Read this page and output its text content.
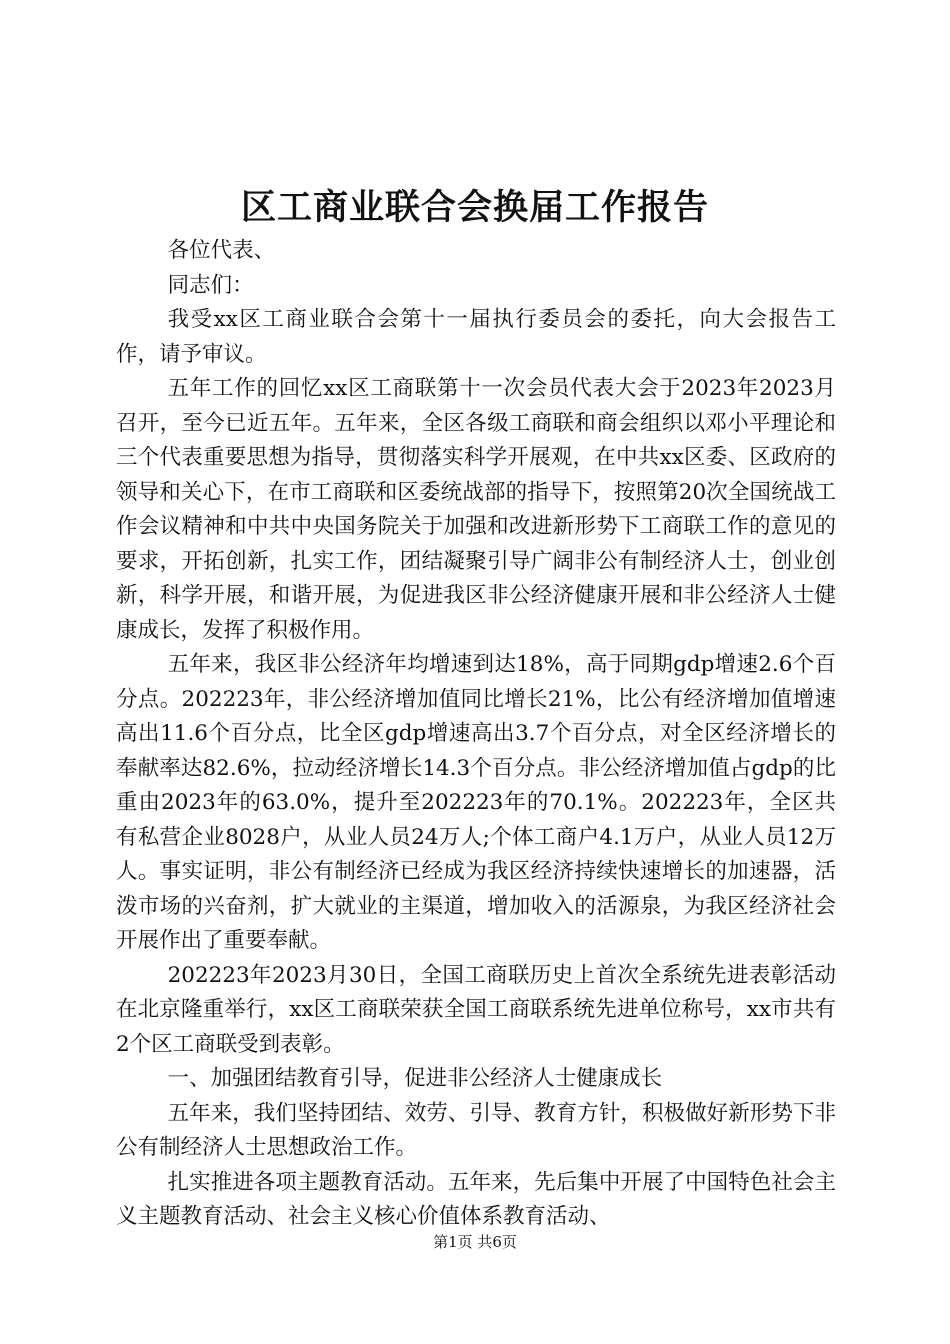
区工商业联合会换届工作报告

各位代表、

同志们：

我受xx区工商业联合会第十一届执行委员会的委托，向大会报告工作，请予审议。

五年工作的回忆xx区工商联第十一次会员代表大会于2023年2023月召开，至今已近五年。五年来，全区各级工商联和商会组织以邓小平理论和三个代表重要思想为指导，贯彻落实科学开展观，在中共xx区委、区政府的领导和关心下，在市工商联和区委统战部的指导下，按照第20次全国统战工作会议精神和中共中央国务院关于加强和改进新形势下工商联工作的意见的要求，开拓创新，扎实工作，团结凝聚引导广阔非公有制经济人士，创业创新，科学开展，和谐开展，为促进我区非公经济健康开展和非公经济人士健康成长，发挥了积极作用。

五年来，我区非公经济年均增速到达18%，高于同期gdp增速2.6个百分点。202223年，非公经济增加值同比增长21%，比公有经济增加值增速高出11.6个百分点，比全区gdp增速高出3.7个百分点，对全区经济增长的奉献率达82.6%，拉动经济增长14.3个百分点。非公经济增加值占gdp的比重由2023年的63.0%，提升至202223年的70.1%。202223年，全区共有私营企业8028户，从业人员24万人;个体工商户4.1万户，从业人员12万人。事实证明，非公有制经济已经成为我区经济持续快速增长的加速器，活泼市场的兴奋剂，扩大就业的主渠道，增加收入的活源泉，为我区经济社会开展作出了重要奉献。

202223年2023月30日，全国工商联历史上首次全系统先进表彰活动在北京隆重举行，xx区工商联荣获全国工商联系统先进单位称号，xx市共有2个区工商联受到表彰。

一、加强团结教育引导，促进非公经济人士健康成长

五年来，我们坚持团结、效劳、引导、教育方针，积极做好新形势下非公有制经济人士思想政治工作。

扎实推进各项主题教育活动。五年来，先后集中开展了中国特色社会主义主题教育活动、社会主义核心价值体系教育活动、

第1页 共6页
